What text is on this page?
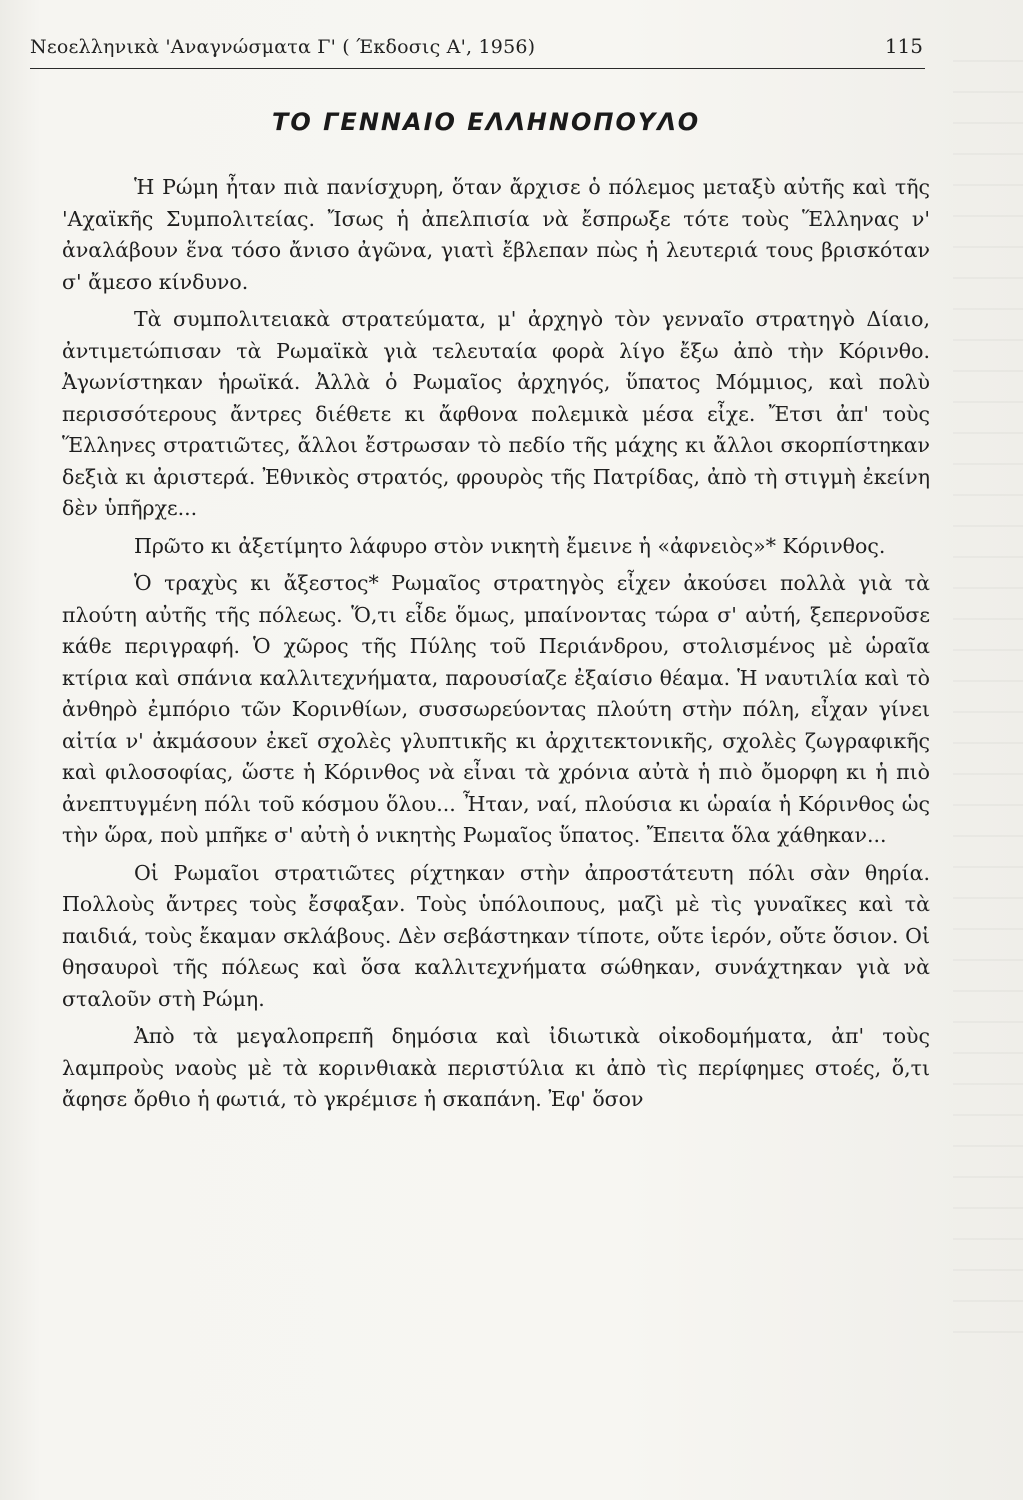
Νεοελληνικὰ 'Αναγνώσματα Γ' ( Έκδοσις Α', 1956)	115
ΤΟ ΓΕΝΝΑΙΟ ΕΛΛΗΝΟΠΟΥΛΟ

Ἡ Ρώμη ἦταν πιὰ πανίσχυρη, ὅταν ἄρχισε ὁ πόλεμος μεταξὺ αὐτῆς καὶ τῆς 'Αχαϊκῆς Συμπολιτείας. Ἴσως ἡ ἀπελπισία νὰ ἔσπρωξε τότε τοὺς Ἕλληνας ν' ἀναλάβουν ἕνα τόσο ἄνισο ἀγῶνα, γιατὶ ἔβλεπαν πὼς ἡ λευτεριά τους βρισκόταν σ' ἄμεσο κίνδυνο.

Τὰ συμπολιτειακὰ στρατεύματα, μ' ἀρχηγὸ τὸν γενναῖο στρατηγὸ Δίαιο, ἀντιμετώπισαν τὰ Ρωμαϊκὰ γιὰ τελευταία φορὰ λίγο ἔξω ἀπὸ τὴν Κόρινθο. Ἀγωνίστηκαν ἡρωϊκά. Ἀλλὰ ὁ Ρωμαῖος ἀρχηγός, ὕπατος Μόμμιος, καὶ πολὺ περισσότερους ἄντρες διέθετε κι ἄφθονα πολεμικὰ μέσα εἶχε. Ἔτσι ἀπ' τοὺς Ἕλληνες στρατιῶτες, ἄλλοι ἔστρωσαν τὸ πεδίο τῆς μάχης κι ἄλλοι σκορπίστηκαν δεξιὰ κι ἀριστερά. Ἐθνικὸς στρατός, φρουρὸς τῆς Πατρίδας, ἀπὸ τὴ στιγμὴ ἐκείνη δὲν ὑπῆρχε...

Πρῶτο κι ἀξετίμητο λάφυρο στὸν νικητὴ ἔμεινε ἡ «ἀφνειὸς»* Κόρινθος.

Ὁ τραχὺς κι ἄξεστος* Ρωμαῖος στρατηγὸς εἶχεν ἀκούσει πολλὰ γιὰ τὰ πλούτη αὐτῆς τῆς πόλεως. Ὅ,τι εἶδε ὅμως, μπαίνοντας τώρα σ' αὐτή, ξεπερνοῦσε κάθε περιγραφή. Ὁ χῶρος τῆς Πύλης τοῦ Περιάνδρου, στολισμένος μὲ ὡραῖα κτίρια καὶ σπάνια καλλιτεχνήματα, παρουσίαζε ἐξαίσιο θέαμα. Ἡ ναυτιλία καὶ τὸ ἀνθηρὸ ἐμπόριο τῶν Κορινθίων, συσσωρεύοντας πλούτη στὴν πόλη, εἶχαν γίνει αἰτία ν' ἀκμάσουν ἐκεῖ σχολὲς γλυπτικῆς κι ἀρχιτεκτονικῆς, σχολὲς ζωγραφικῆς καὶ φιλοσοφίας, ὥστε ἡ Κόρινθος νὰ εἶναι τὰ χρόνια αὐτὰ ἡ πιὸ ὄμορφη κι ἡ πιὸ ἀνεπτυγμένη πόλι τοῦ κόσμου ὅλου... Ἦταν, ναί, πλούσια κι ὡραία ἡ Κόρινθος ὡς τὴν ὥρα, ποὺ μπῆκε σ' αὐτὴ ὁ νικητὴς Ρωμαῖος ὕπατος. Ἔπειτα ὅλα χάθηκαν...

Οἱ Ρωμαῖοι στρατιῶτες ρίχτηκαν στὴν ἀπροστάτευτη πόλι σὰν θηρία. Πολλοὺς ἄντρες τοὺς ἔσφαξαν. Τοὺς ὑπόλοιπους, μαζὶ μὲ τὶς γυναῖκες καὶ τὰ παιδιά, τοὺς ἔκαμαν σκλάβους. Δὲν σεβάστηκαν τίποτε, οὔτε ἱερόν, οὔτε ὅσιον. Οἱ θησαυροὶ τῆς πόλεως καὶ ὅσα καλλιτεχνήματα σώθηκαν, συνάχτηκαν γιὰ νὰ σταλοῦν στὴ Ρώμη.

Ἀπὸ τὰ μεγαλοπρεπῆ δημόσια καὶ ἰδιωτικὰ οἰκοδομήματα, ἀπ' τοὺς λαμπροὺς ναοὺς μὲ τὰ κορινθιακὰ περιστύλια κι ἀπὸ τὶς περίφημες στοές, ὅ,τι ἄφησε ὄρθιο ἡ φωτιά, τὸ γκρέμισε ἡ σκαπάνη. Ἐφ' ὅσον
